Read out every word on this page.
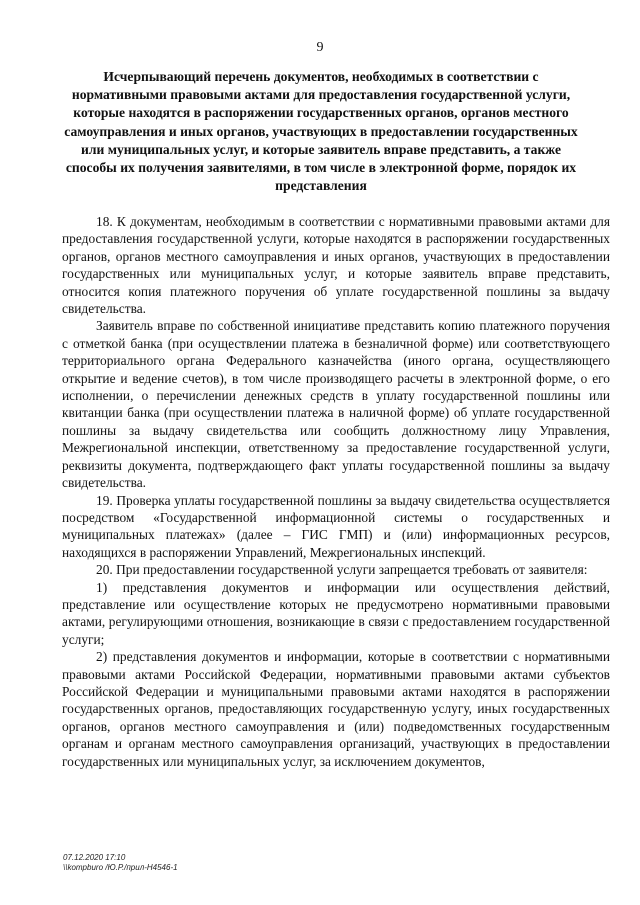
9
Исчерпывающий перечень документов, необходимых в соответствии с нормативными правовыми актами для предоставления государственной услуги, которые находятся в распоряжении государственных органов, органов местного самоуправления и иных органов, участвующих в предоставлении государственных или муниципальных услуг, и которые заявитель вправе представить, а также способы их получения заявителями, в том числе в электронной форме, порядок их представления

18. К документам, необходимым в соответствии с нормативными правовыми актами для предоставления государственной услуги, которые находятся в распоряжении государственных органов, органов местного самоуправления и иных органов, участвующих в предоставлении государственных или муниципальных услуг, и которые заявитель вправе представить, относится копия платежного поручения об уплате государственной пошлины за выдачу свидетельства.

Заявитель вправе по собственной инициативе представить копию платежного поручения с отметкой банка (при осуществлении платежа в безналичной форме) или соответствующего территориального органа Федерального казначейства (иного органа, осуществляющего открытие и ведение счетов), в том числе производящего расчеты в электронной форме, о его исполнении, о перечислении денежных средств в уплату государственной пошлины или квитанции банка (при осуществлении платежа в наличной форме) об уплате государственной пошлины за выдачу свидетельства или сообщить должностному лицу Управления, Межрегиональной инспекции, ответственному за предоставление государственной услуги, реквизиты документа, подтверждающего факт уплаты государственной пошлины за выдачу свидетельства.

19. Проверка уплаты государственной пошлины за выдачу свидетельства осуществляется посредством «Государственной информационной системы о государственных и муниципальных платежах» (далее – ГИС ГМП) и (или) информационных ресурсов, находящихся в распоряжении Управлений, Межрегиональных инспекций.

20. При предоставлении государственной услуги запрещается требовать от заявителя:

1) представления документов и информации или осуществления действий, представление или осуществление которых не предусмотрено нормативными правовыми актами, регулирующими отношения, возникающие в связи с предоставлением государственной услуги;

2) представления документов и информации, которые в соответствии с нормативными правовыми актами Российской Федерации, нормативными правовыми актами субъектов Российской Федерации и муниципальными правовыми актами находятся в распоряжении государственных органов, предоставляющих государственную услугу, иных государственных органов, органов местного самоуправления и (или) подведомственных государственным органам и органам местного самоуправления организаций, участвующих в предоставлении государственных или муниципальных услуг, за исключением документов,

07.12.2020 17:10
\\kompburo /Ю.Р./прил-H4546-1
